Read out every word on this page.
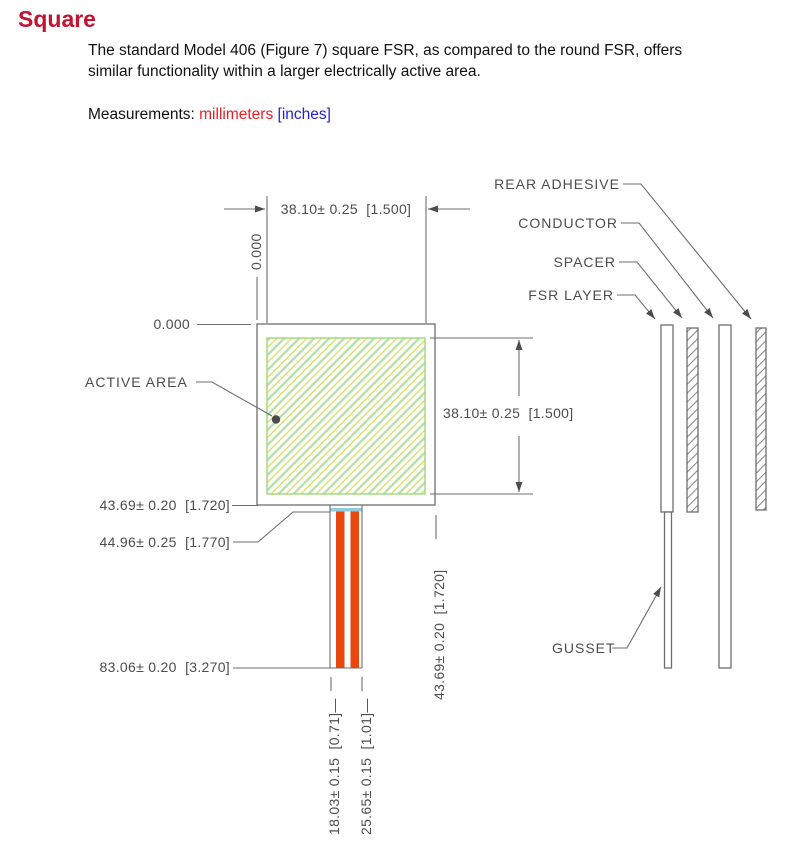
Square
The standard Model 406 (Figure 7) square FSR, as compared to the round FSR, offers
similar functionality within a larger electrically active area.
Measurements: millimeters [inches]
38.10± 0.25  [1.500]
0.000
0.000
ACTIVE AREA
38.10± 0.25  [1.500]
43.69± 0.20  [1.720]
44.96± 0.25  [1.770]
83.06± 0.20  [3.270]
18.03± 0.15  [0.71]— 25.65± 0.15  [1.01]—
43.69± 0.20  [1.720]
REAR ADHESIVE
CONDUCTOR
SPACER
FSR LAYER
GUSSET
